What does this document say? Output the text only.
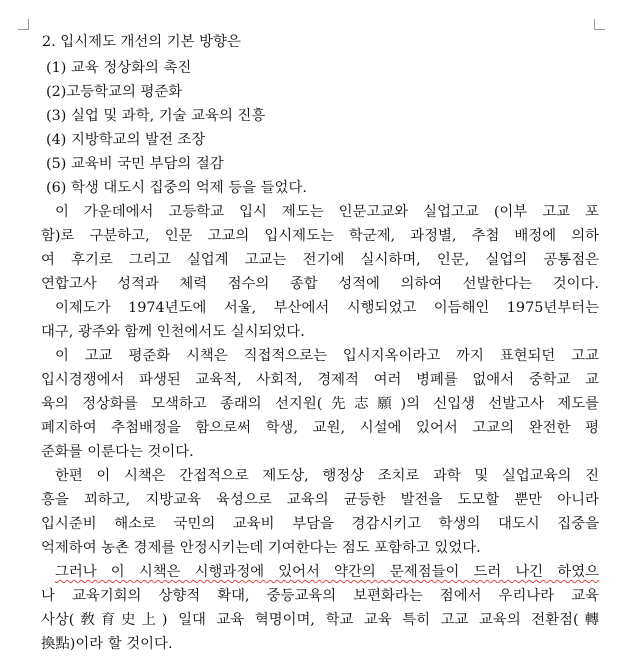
2. 입시제도 개선의 기본 방향은
(1) 교육 정상화의 촉진
(2)고등학교의 평준화
(3) 실업 및 과학, 기술 교육의 진흥
(4) 지방학교의 발전 조장
(5) 교육비 국민 부담의 절감
(6) 학생 대도시 집중의 억제 등을 들었다.
이 가운데에서 고등학교 입시 제도는 인문고교와 실업고교 (이부 고교 포
함)로 구분하고, 인문 고교의 입시제도는 학군제, 과정별, 추첨 배정에 의하
여 후기로 그리고 실업계 고교는 전기에 실시하며, 인문, 실업의 공통점은
연합고사 성적과 체력 점수의 종합 성적에 의하여 선발한다는 것이다.
이제도가 1974년도에 서울, 부산에서 시행되었고 이듬해인 1975년부터는
대구, 광주와 함께 인천에서도 실시되었다.
이 고교 평준화 시책은 직접적으로는 입시지옥이라고 까지 표현되던 고교
입시경쟁에서 파생된 교육적, 사회적, 경제적 여러 병폐를 없애서 중학교 교
육의 정상화를 모색하고 종래의 선지원(先志願)의 신입생 선발고사 제도를
폐지하여 추첨배정을 함으로써 학생, 교원, 시설에 있어서 고교의 완전한 평
준화를 이룬다는 것이다.
한편 이 시책은 간접적으로 제도상, 행정상 조치로 과학 및 실업교육의 진
흥을 꾀하고, 지방교육 육성으로 교육의 균등한 발전을 도모할 뿐만 아니라
입시준비 해소로 국민의 교육비 부담을 경감시키고 학생의 대도시 집중을
억제하여 농촌 경제를 안정시키는데 기여한다는 점도 포함하고 있었다.
그러나 이 시책은 시행과정에 있어서 약간의 문제점들이 드러 나긴 하였으
나 교육기회의 상향적 확대, 중등교육의 보편화라는 점에서 우리나라 교육
사상(敎育史上) 일대 교육 혁명이며, 학교 교육 특히 고교 교육의 전환점(轉
換點)이라 할 것이다.
